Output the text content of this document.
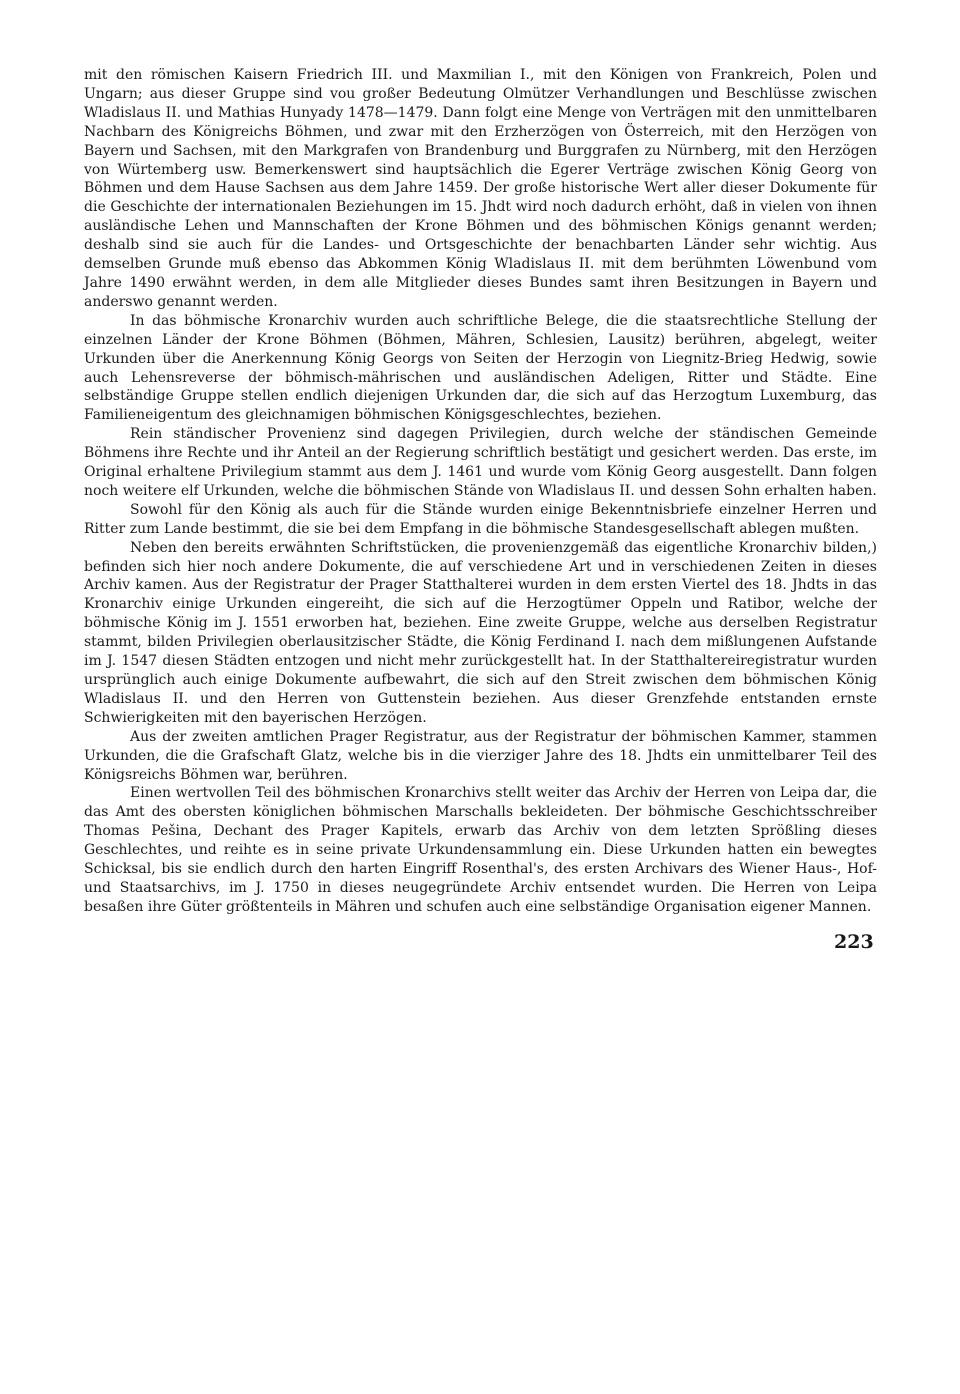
mit den römischen Kaisern Friedrich III. und Maxmilian I., mit den Königen von Frankreich, Polen und Ungarn; aus dieser Gruppe sind vou großer Bedeutung Olmützer Verhandlungen und Beschlüsse zwischen Wladislaus II. und Mathias Hunyady 1478—1479. Dann folgt eine Menge von Verträgen mit den unmittelbaren Nachbarn des Königreichs Böhmen, und zwar mit den Erzherzögen von Österreich, mit den Herzögen von Bayern und Sachsen, mit den Markgrafen von Brandenburg und Burggrafen zu Nürnberg, mit den Herzögen von Würtemberg usw. Bemerkenswert sind hauptsächlich die Egerer Verträge zwischen König Georg von Böhmen und dem Hause Sachsen aus dem Jahre 1459. Der große historische Wert aller dieser Dokumente für die Geschichte der internationalen Beziehungen im 15. Jhdt wird noch dadurch erhöht, daß in vielen von ihnen ausländische Lehen und Mannschaften der Krone Böhmen und des böhmischen Königs genannt werden; deshalb sind sie auch für die Landes- und Ortsgeschichte der benachbarten Länder sehr wichtig. Aus demselben Grunde muß ebenso das Abkommen König Wladislaus II. mit dem berühmten Löwenbund vom Jahre 1490 erwähnt werden, in dem alle Mitglieder dieses Bundes samt ihren Besitzungen in Bayern und anderswo genannt werden.

In das böhmische Kronarchiv wurden auch schriftliche Belege, die die staatsrechtliche Stellung der einzelnen Länder der Krone Böhmen (Böhmen, Mähren, Schlesien, Lausitz) berühren, abgelegt, weiter Urkunden über die Anerkennung König Georgs von Seiten der Herzogin von Liegnitz-Brieg Hedwig, sowie auch Lehensreverse der böhmisch-mährischen und ausländischen Adeligen, Ritter und Städte. Eine selbständige Gruppe stellen endlich diejenigen Urkunden dar, die sich auf das Herzogtum Luxemburg, das Familieneigentum des gleichnamigen böhmischen Königsgeschlechtes, beziehen.

Rein ständischer Provenienz sind dagegen Privilegien, durch welche der ständischen Gemeinde Böhmens ihre Rechte und ihr Anteil an der Regierung schriftlich bestätigt und gesichert werden. Das erste, im Original erhaltene Privilegium stammt aus dem J. 1461 und wurde vom König Georg ausgestellt. Dann folgen noch weitere elf Urkunden, welche die böhmischen Stände von Wladislaus II. und dessen Sohn erhalten haben.

Sowohl für den König als auch für die Stände wurden einige Bekenntnisbriefe einzelner Herren und Ritter zum Lande bestimmt, die sie bei dem Empfang in die böhmische Standesgesellschaft ablegen mußten.

Neben den bereits erwähnten Schriftstücken, die provenienzgemäß das eigentliche Kronarchiv bilden,) befinden sich hier noch andere Dokumente, die auf verschiedene Art und in verschiedenen Zeiten in dieses Archiv kamen. Aus der Registratur der Prager Statthalterei wurden in dem ersten Viertel des 18. Jhdts in das Kronarchiv einige Urkunden eingereiht, die sich auf die Herzogtümer Oppeln und Ratibor, welche der böhmische König im J. 1551 erworben hat, beziehen. Eine zweite Gruppe, welche aus derselben Registratur stammt, bilden Privilegien oberlausitzischer Städte, die König Ferdinand I. nach dem mißlungenen Aufstande im J. 1547 diesen Städten entzogen und nicht mehr zurückgestellt hat. In der Statthaltereiregistratur wurden ursprünglich auch einige Dokumente aufbewahrt, die sich auf den Streit zwischen dem böhmischen König Wladislaus II. und den Herren von Guttenstein beziehen. Aus dieser Grenzfehde entstanden ernste Schwierigkeiten mit den bayerischen Herzögen.

Aus der zweiten amtlichen Prager Registratur, aus der Registratur der böhmischen Kammer, stammen Urkunden, die die Grafschaft Glatz, welche bis in die vierziger Jahre des 18. Jhdts ein unmittelbarer Teil des Königsreichs Böhmen war, berühren.

Einen wertvollen Teil des böhmischen Kronarchivs stellt weiter das Archiv der Herren von Leipa dar, die das Amt des obersten königlichen böhmischen Marschalls bekleideten. Der böhmische Geschichtsschreiber Thomas Pešina, Dechant des Prager Kapitels, erwarb das Archiv von dem letzten Sprößling dieses Geschlechtes, und reihte es in seine private Urkundensammlung ein. Diese Urkunden hatten ein bewegtes Schicksal, bis sie endlich durch den harten Eingriff Rosenthal's, des ersten Archivars des Wiener Haus-, Hof- und Staatsarchivs, im J. 1750 in dieses neugegründete Archiv entsendet wurden. Die Herren von Leipa besaßen ihre Güter größtenteils in Mähren und schufen auch eine selbständige Organisation eigener Mannen.

223
